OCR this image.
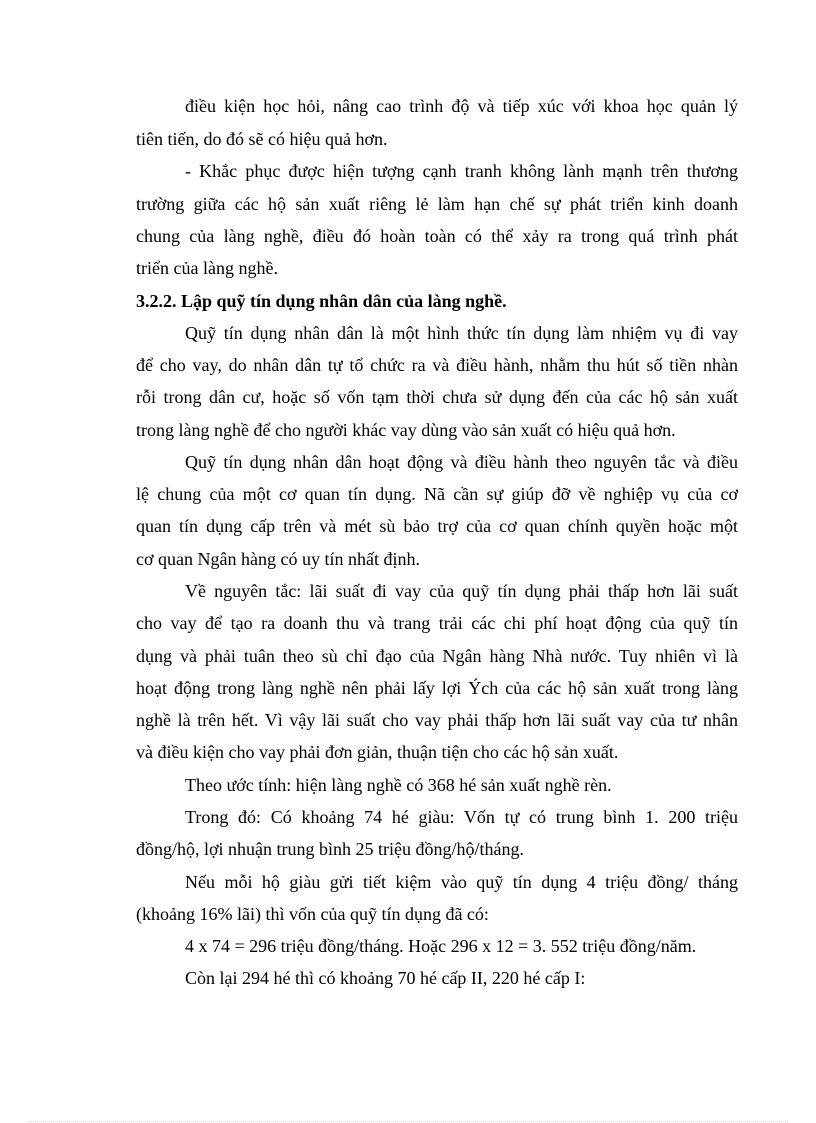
điều kiện học hỏi, nâng cao trình độ và tiếp xúc với khoa học quản lý
tiên tiến, do đó sẽ có hiệu quả hơn.
- Khắc phục được hiện tượng cạnh tranh không lành mạnh trên thương
trường giữa các hộ sản xuất riêng lẻ làm hạn chế sự phát triển kinh doanh
chung của làng nghề, điều đó hoàn toàn có thể xảy ra trong quá trình phát
triển của làng nghề.
3.2.2. Lập quỹ tín dụng nhân dân của làng nghề.
Quỹ tín dụng nhân dân là một hình thức tín dụng làm nhiệm vụ đi vay
để cho vay, do nhân dân tự tổ chức ra và điều hành, nhằm thu hút số tiền nhàn
rỗi trong dân cư, hoặc số vốn tạm thời chưa sử dụng đến của các hộ sản xuất
trong làng nghề để cho người khác vay dùng vào sản xuất có hiệu quả hơn.
Quỹ tín dụng nhân dân hoạt động và điều hành theo nguyên tắc và điều
lệ chung của một cơ quan tín dụng. Nã cần sự giúp đỡ về nghiệp vụ của cơ
quan tín dụng cấp trên và mét sù bảo trợ của cơ quan chính quyền hoặc một
cơ quan Ngân hàng có uy tín nhất định.
Về nguyên tắc: lãi suất đi vay của quỹ tín dụng phải thấp hơn lãi suất
cho vay để tạo ra doanh thu và trang trải các chi phí hoạt động của quỹ tín
dụng và phải tuân theo sù chỉ đạo của Ngân hàng Nhà nước. Tuy nhiên vì là
hoạt động trong làng nghề nên phải lấy lợi Ých của các hộ sản xuất trong làng
nghề là trên hết. Vì vậy lãi suất cho vay phải thấp hơn lãi suất vay của tư nhân
và điều kiện cho vay phải đơn giản, thuận tiện cho các hộ sản xuất.
Theo ước tính: hiện làng nghề có 368 hé sản xuất nghề rèn.
Trong đó: Có khoảng 74 hé giàu: Vốn tự có trung bình 1. 200 triệu
đồng/hộ, lợi nhuận trung bình 25 triệu đồng/hộ/tháng.
Nếu mỗi hộ giàu gửi tiết kiệm vào quỹ tín dụng 4 triệu đồng/ tháng
(khoảng 16% lãi) thì vốn của quỹ tín dụng đã có:
4 x 74 = 296 triệu đồng/tháng. Hoặc 296 x 12 = 3. 552 triệu đồng/năm.
Còn lại 294 hé thì có khoảng 70 hé cấp II, 220 hé cấp I:
